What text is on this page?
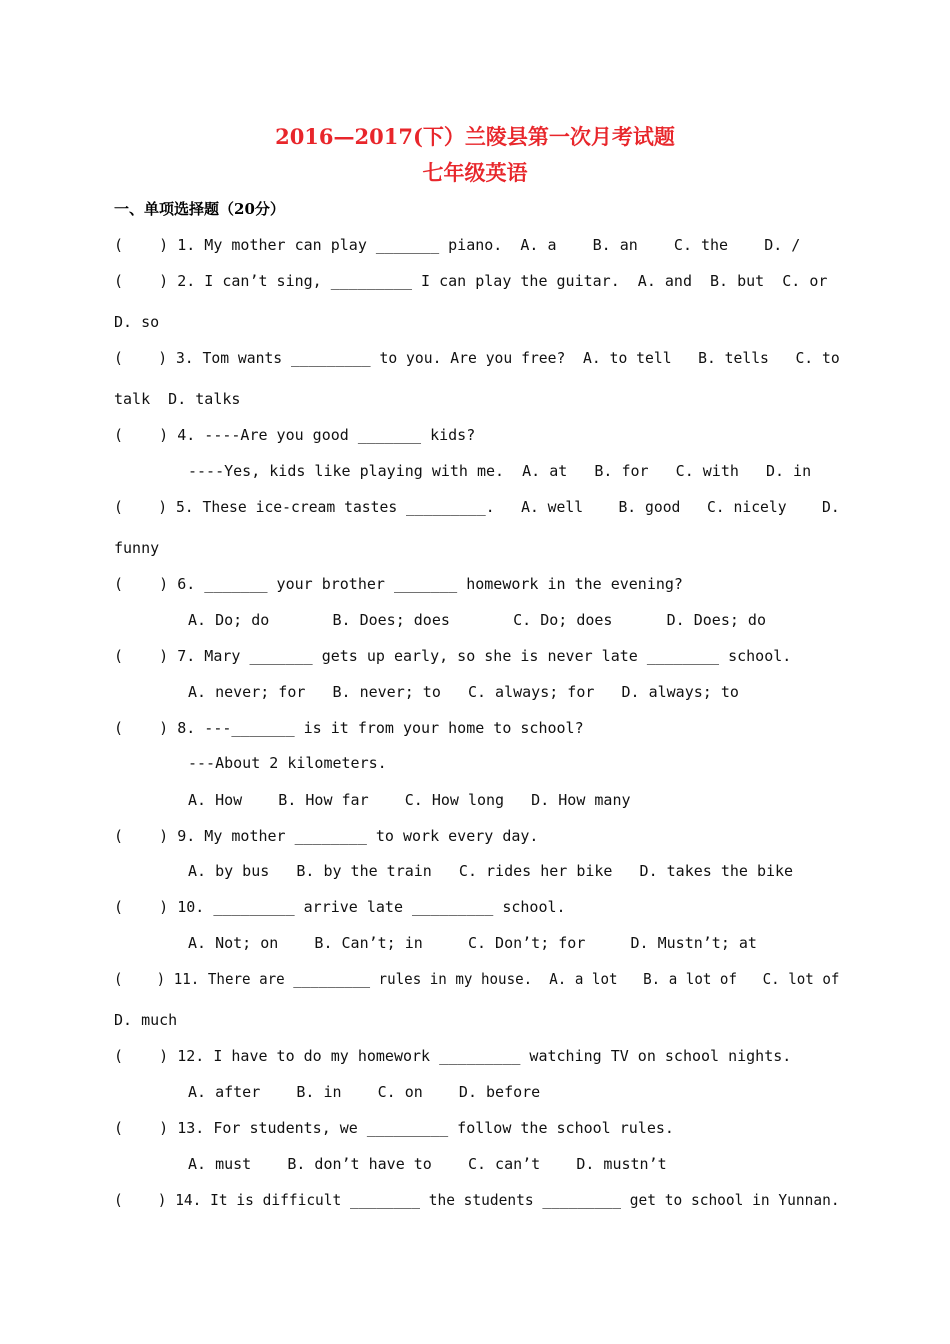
2016—2017(下）兰陵县第一次月考试题
七年级英语
一、单项选择题（20分）
(    ) 1. My mother can play _______ piano.  A. a    B. an    C. the    D. /
(    ) 2. I can’t sing, _________ I can play the guitar.  A. and  B. but  C. or
D. so
(    ) 3. Tom wants _________ to you. Are you free?  A. to tell   B. tells   C. to
talk  D. talks
(    ) 4. ----Are you good _______ kids?
----Yes, kids like playing with me.  A. at   B. for   C. with   D. in
(    ) 5. These ice-cream tastes _________.   A. well    B. good   C. nicely    D.
funny
(    ) 6. _______ your brother _______ homework in the evening?
A. Do; do       B. Does; does       C. Do; does      D. Does; do
(    ) 7. Mary _______ gets up early, so she is never late ________ school.
A. never; for   B. never; to   C. always; for   D. always; to
(    ) 8. ---_______ is it from your home to school?
---About 2 kilometers.
A. How    B. How far    C. How long   D. How many
(    ) 9. My mother ________ to work every day.
A. by bus   B. by the train   C. rides her bike   D. takes the bike
(    ) 10. _________ arrive late _________ school.
A. Not; on    B. Can’t; in     C. Don’t; for     D. Mustn’t; at
(    ) 11. There are _________ rules in my house.  A. a lot   B. a lot of   C. lot of
D. much
(    ) 12. I have to do my homework _________ watching TV on school nights.
A. after    B. in    C. on    D. before
(    ) 13. For students, we _________ follow the school rules.
A. must    B. don’t have to    C. can’t    D. mustn’t
(    ) 14. It is difficult ________ the students _________ get to school in Yunnan.
